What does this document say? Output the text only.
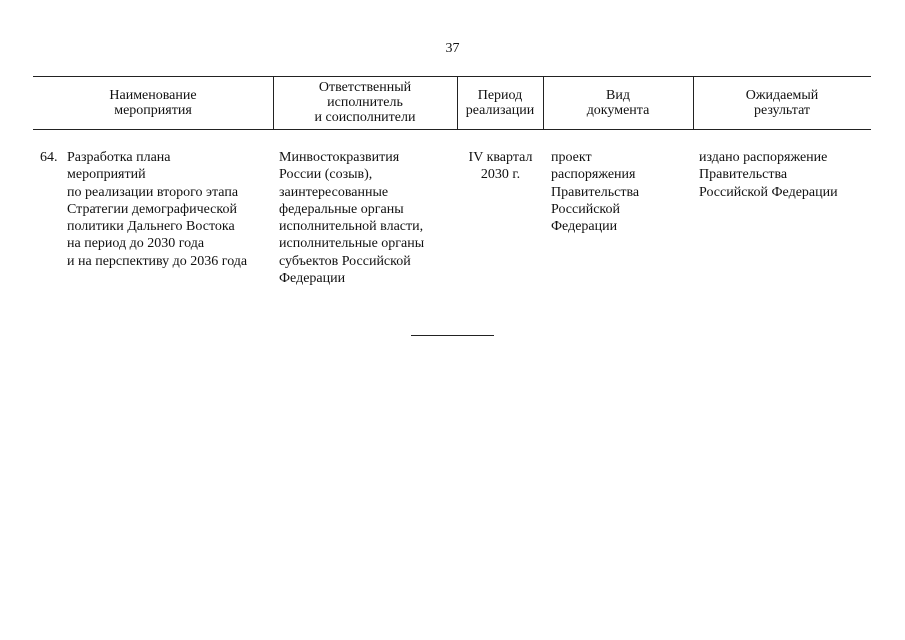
37
Наименование
мероприятия
Ответственный
исполнитель
и соисполнители
Период
реализации
Вид
документа
Ожидаемый
результат
64. Разработка плана
мероприятий
по реализации второго этапа
Стратегии демографической
политики Дальнего Востока
на период до 2030 года
и на перспективу до 2036 года
Минвостокразвития
России (созыв),
заинтересованные
федеральные органы
исполнительной власти,
исполнительные органы
субъектов Российской
Федерации
IV квартал
2030 г.
проект
распоряжения
Правительства
Российской
Федерации
издано распоряжение
Правительства
Российской Федерации
